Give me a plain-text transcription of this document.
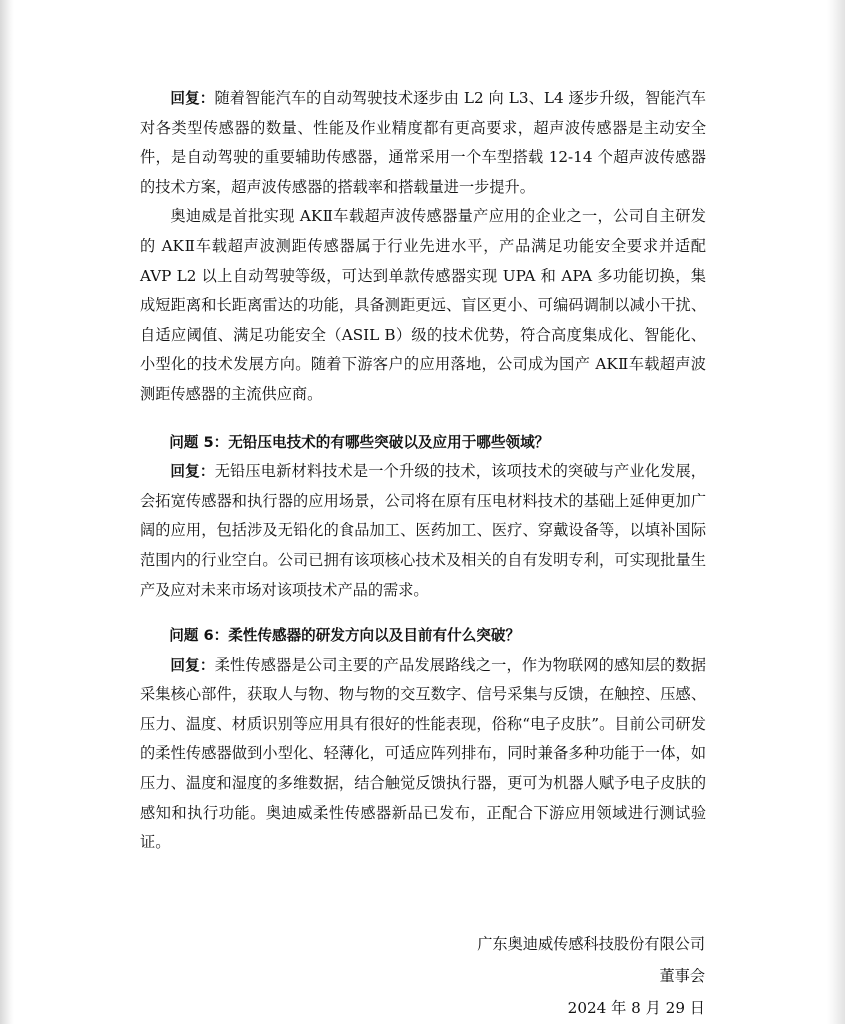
回复：随着智能汽车的自动驾驶技术逐步由 L2 向 L3、L4 逐步升级，智能汽车对各类型传感器的数量、性能及作业精度都有更高要求，超声波传感器是主动安全件，是自动驾驶的重要辅助传感器，通常采用一个车型搭载 12-14 个超声波传感器的技术方案，超声波传感器的搭载率和搭载量进一步提升。

奥迪威是首批实现 AKⅡ车载超声波传感器量产应用的企业之一，公司自主研发的 AKⅡ车载超声波测距传感器属于行业先进水平，产品满足功能安全要求并适配 AVP L2 以上自动驾驶等级，可达到单款传感器实现 UPA 和 APA 多功能切换，集成短距离和长距离雷达的功能，具备测距更远、盲区更小、可编码调制以减小干扰、自适应阈值、满足功能安全（ASIL B）级的技术优势，符合高度集成化、智能化、小型化的技术发展方向。随着下游客户的应用落地，公司成为国产 AKⅡ车载超声波测距传感器的主流供应商。

问题 5：无铅压电技术的有哪些突破以及应用于哪些领域？

回复：无铅压电新材料技术是一个升级的技术，该项技术的突破与产业化发展，会拓宽传感器和执行器的应用场景，公司将在原有压电材料技术的基础上延伸更加广阔的应用，包括涉及无铅化的食品加工、医药加工、医疗、穿戴设备等，以填补国际范围内的行业空白。公司已拥有该项核心技术及相关的自有发明专利，可实现批量生产及应对未来市场对该项技术产品的需求。

问题 6：柔性传感器的研发方向以及目前有什么突破？

回复：柔性传感器是公司主要的产品发展路线之一，作为物联网的感知层的数据采集核心部件，获取人与物、物与物的交互数字、信号采集与反馈，在触控、压感、压力、温度、材质识别等应用具有很好的性能表现，俗称“电子皮肤”。目前公司研发的柔性传感器做到小型化、轻薄化，可适应阵列排布，同时兼备多种功能于一体，如压力、温度和湿度的多维数据，结合触觉反馈执行器，更可为机器人赋予电子皮肤的感知和执行功能。奥迪威柔性传感器新品已发布，正配合下游应用领域进行测试验证。

广东奥迪威传感科技股份有限公司
董事会
2024 年 8 月 29 日
